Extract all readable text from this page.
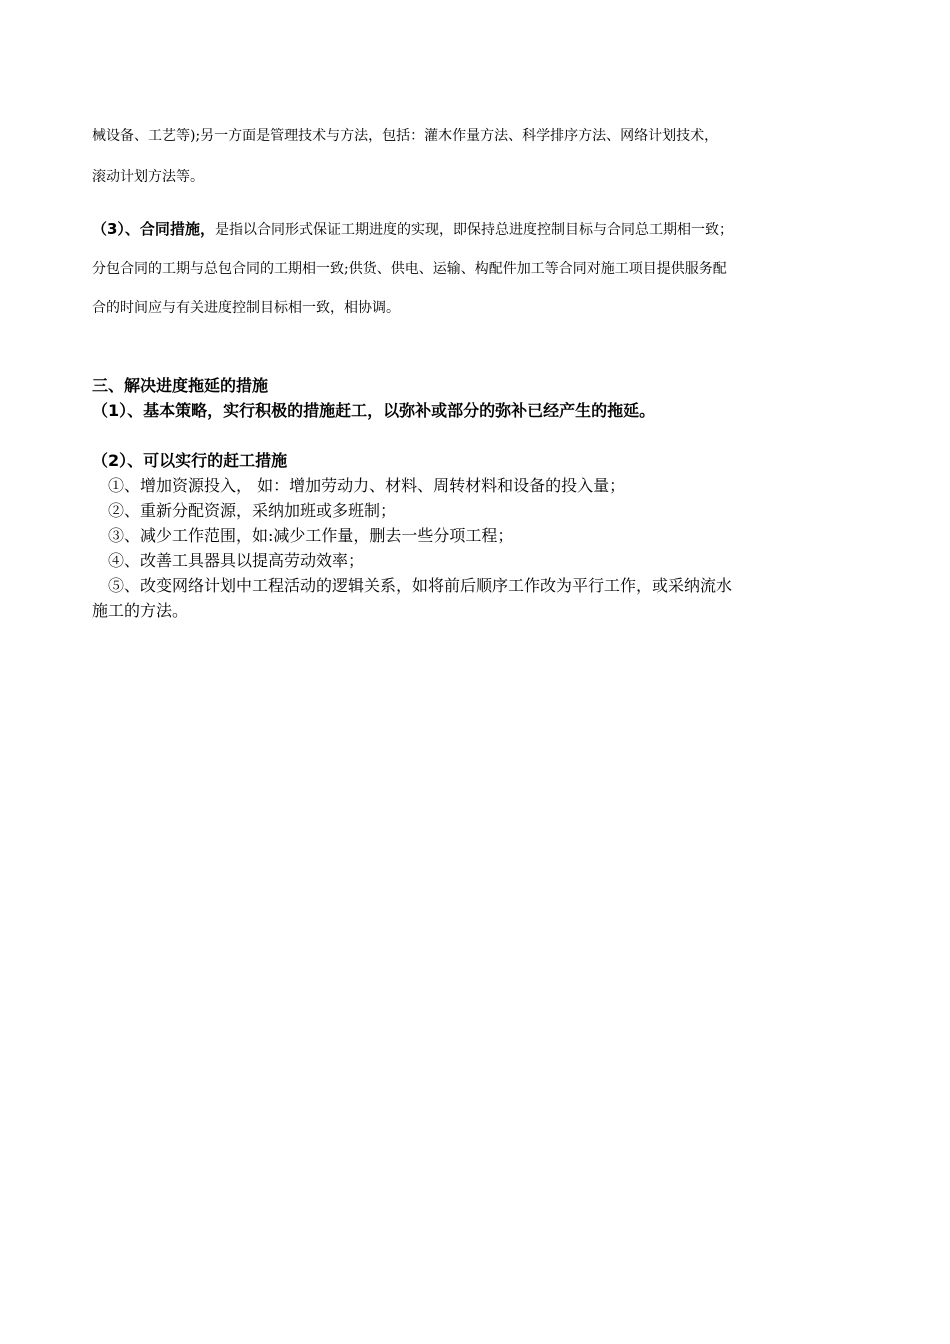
械设备、工艺等);另一方面是管理技术与方法，包括：灌木作量方法、科学排序方法、网络计划技术，
滚动计划方法等。
（3）、合同措施，是指以合同形式保证工期进度的实现，即保持总进度控制目标与合同总工期相一致；
分包合同的工期与总包合同的工期相一致;供货、供电、运输、构配件加工等合同对施工项目提供服务配
合的时间应与有关进度控制目标相一致，相协调。
三、解决进度拖延的措施
（1）、基本策略，实行积极的措施赶工，以弥补或部分的弥补已经产生的拖延。
（2）、可以实行的赶工措施
①、增加资源投入， 如：增加劳动力、材料、周转材料和设备的投入量；
②、重新分配资源，采纳加班或多班制；
③、减少工作范围，如:减少工作量，删去一些分项工程；
④、改善工具器具以提高劳动效率；
⑤、改变网络计划中工程活动的逻辑关系，如将前后顺序工作改为平行工作，或采纳流水
施工的方法。
